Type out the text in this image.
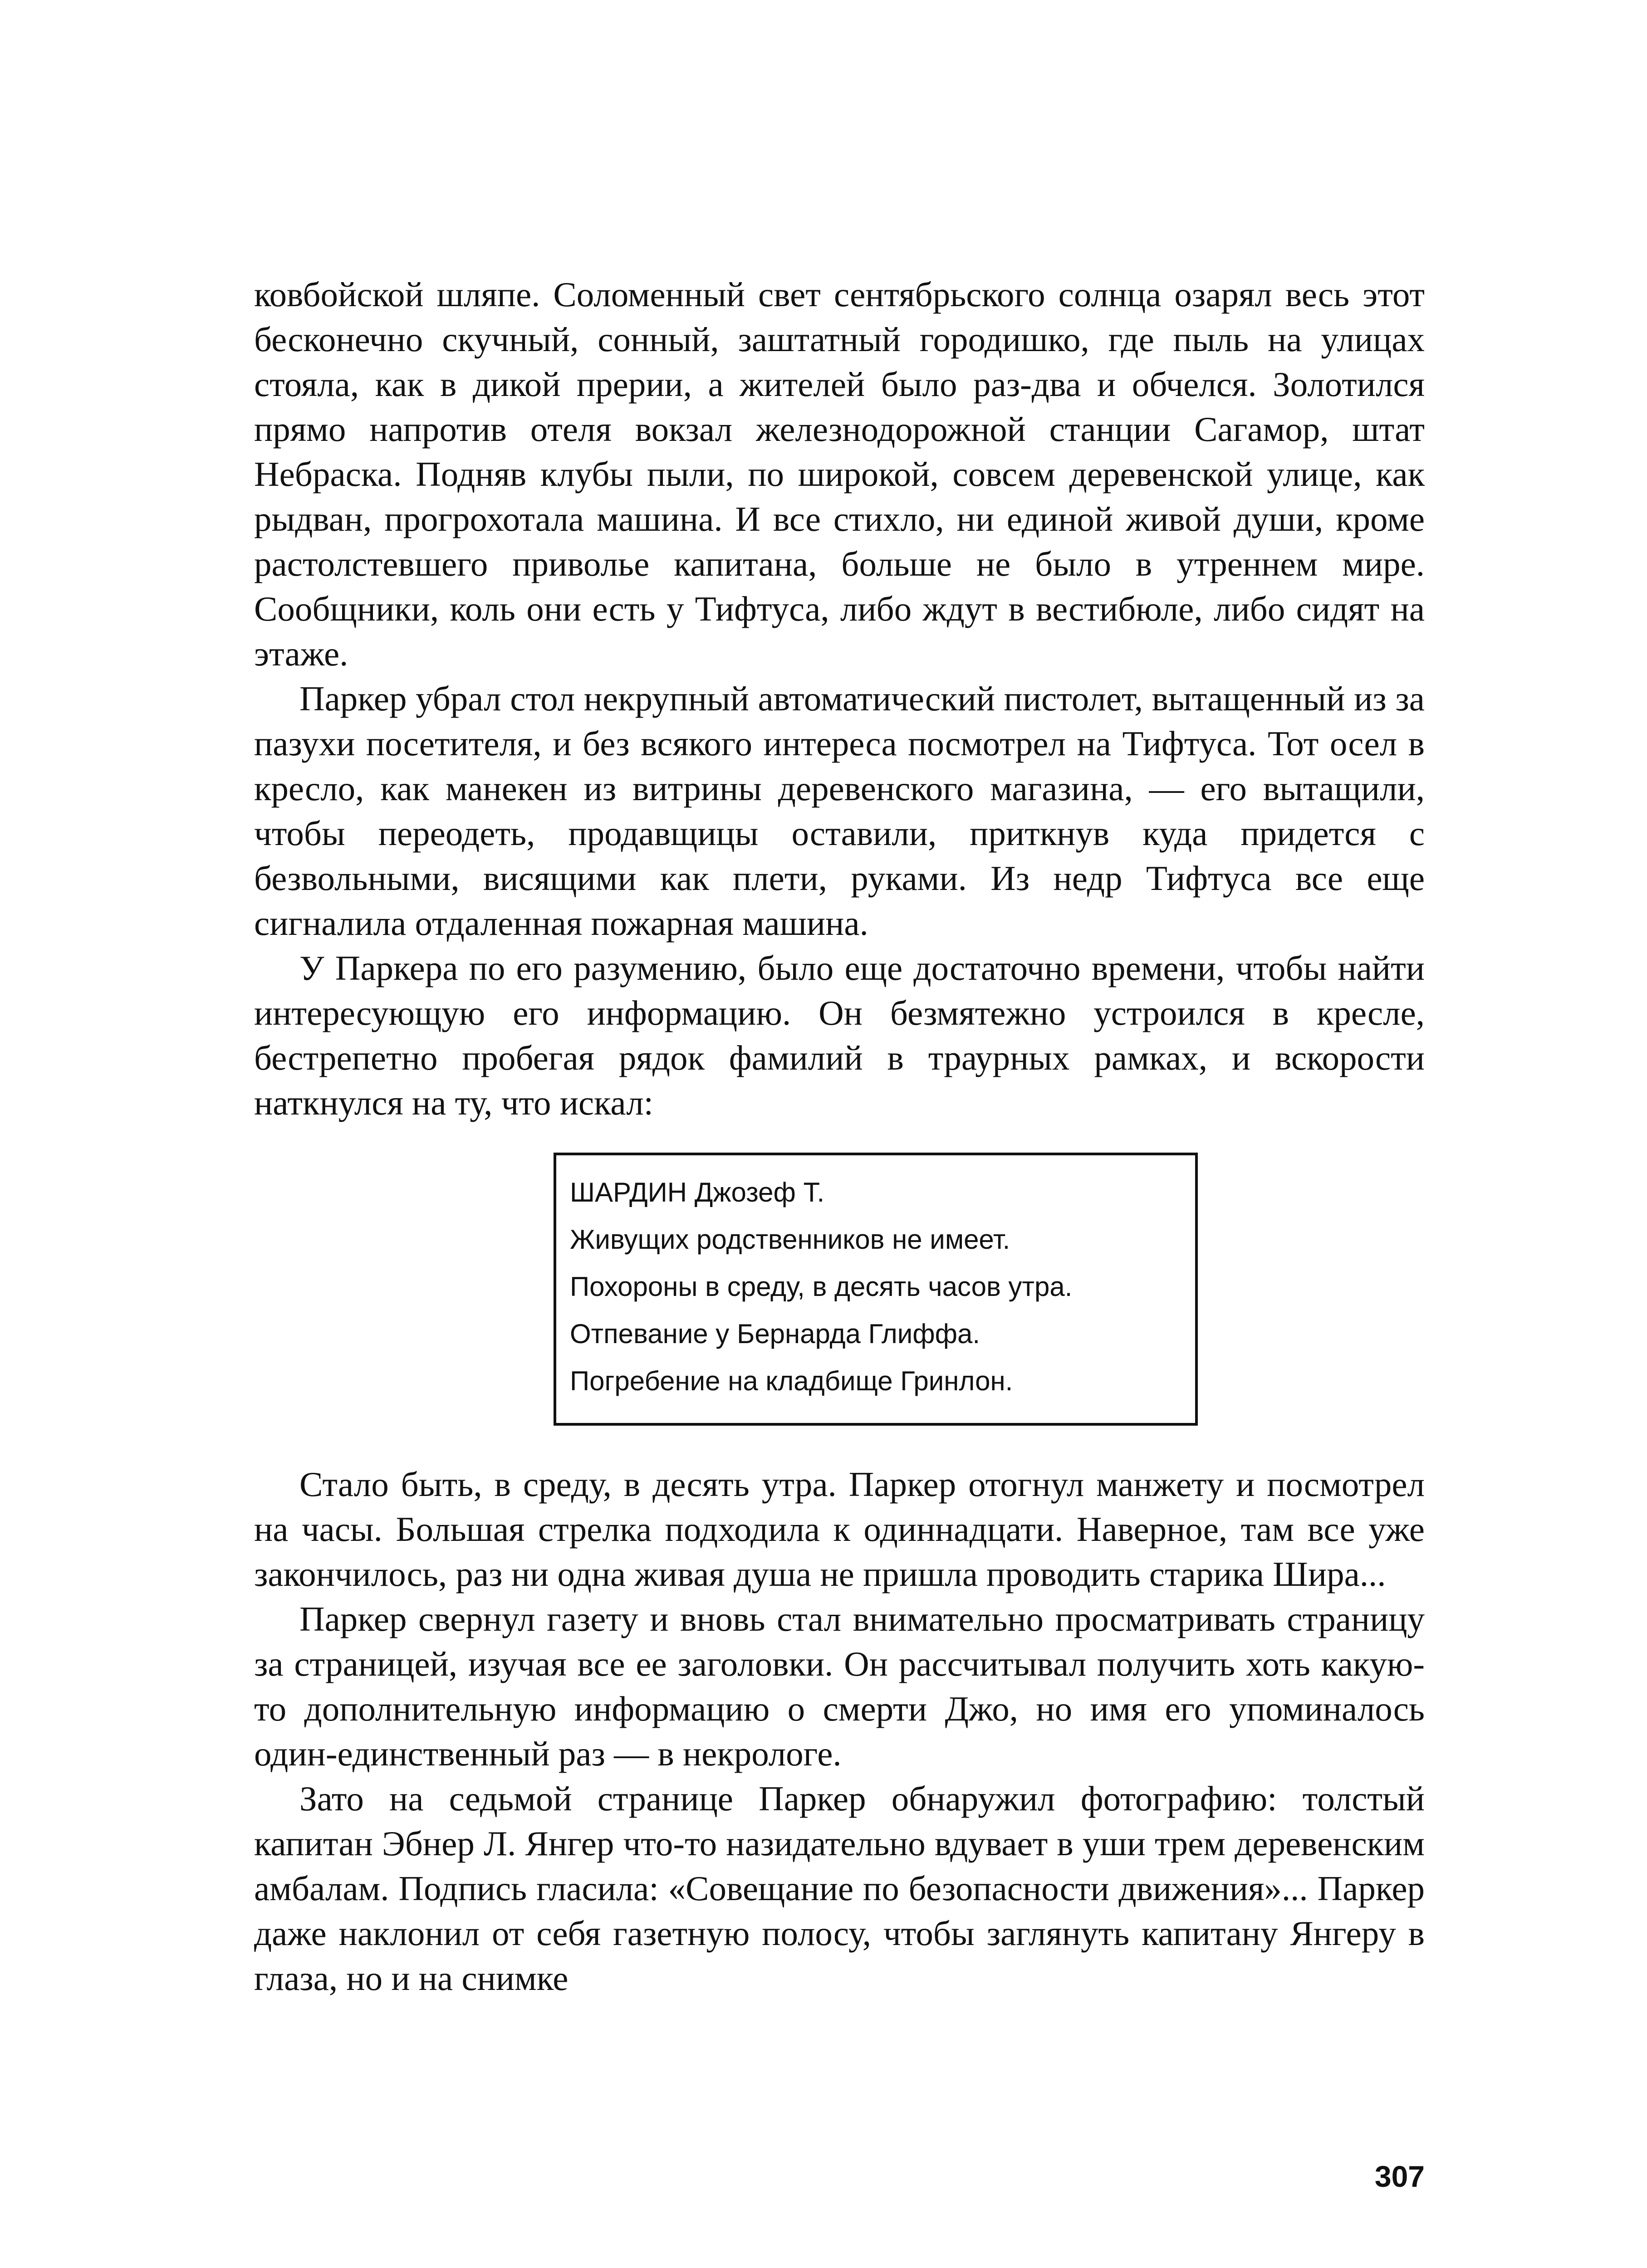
ковбойской шляпе. Соломенный свет сентябрьского солнца озарял весь этот бесконечно скучный, сонный, заштатный городишко, где пыль на улицах стояла, как в дикой прерии, а жителей было раз-два и обчелся. Золотился прямо напротив отеля вокзал железнодорожной станции Сагамор, штат Небраска. Подняв клубы пыли, по широкой, совсем деревенской улице, как рыдван, прогрохотала машина. И все стихло, ни единой живой души, кроме растолстевшего приволье капитана, больше не было в утреннем мире. Сообщники, коль они есть у Тифтуса, либо ждут в вестибюле, либо сидят на этаже.

Паркер убрал стол некрупный автоматический пистолет, вытащенный из за пазухи посетителя, и без всякого интереса посмотрел на Тифтуса. Тот осел в кресло, как манекен из витрины деревенского магазина, — его вытащили, чтобы переодеть, продавщицы оставили, приткнув куда придется с безвольными, висящими как плети, руками. Из недр Тифтуса все еще сигналила отдаленная пожарная машина.

У Паркера по его разумению, было еще достаточно времени, чтобы найти интересующую его информацию. Он безмятежно устроился в кресле, бестрепетно пробегая рядок фамилий в траурных рамках, и вскорости наткнулся на ту, что искал:

ШАРДИН Джозеф Т.
Живущих родственников не имеет.
Похороны в среду, в десять часов утра.
Отпевание у Бернарда Глиффа.
Погребение на кладбище Гринлон.

Стало быть, в среду, в десять утра. Паркер отогнул манжету и посмотрел на часы. Большая стрелка подходила к одиннадцати. Наверное, там все уже закончилось, раз ни одна живая душа не пришла проводить старика Шира...

Паркер свернул газету и вновь стал внимательно просматривать страницу за страницей, изучая все ее заголовки. Он рассчитывал получить хоть какую-то дополнительную информацию о смерти Джо, но имя его упоминалось один-единственный раз — в некрологе.

Зато на седьмой странице Паркер обнаружил фотографию: толстый капитан Эбнер Л. Янгер что-то назидательно вдувает в уши трем деревенским амбалам. Подпись гласила: «Совещание по безопасности движения»... Паркер даже наклонил от себя газетную полосу, чтобы заглянуть капитану Янгеру в глаза, но и на снимке

307
